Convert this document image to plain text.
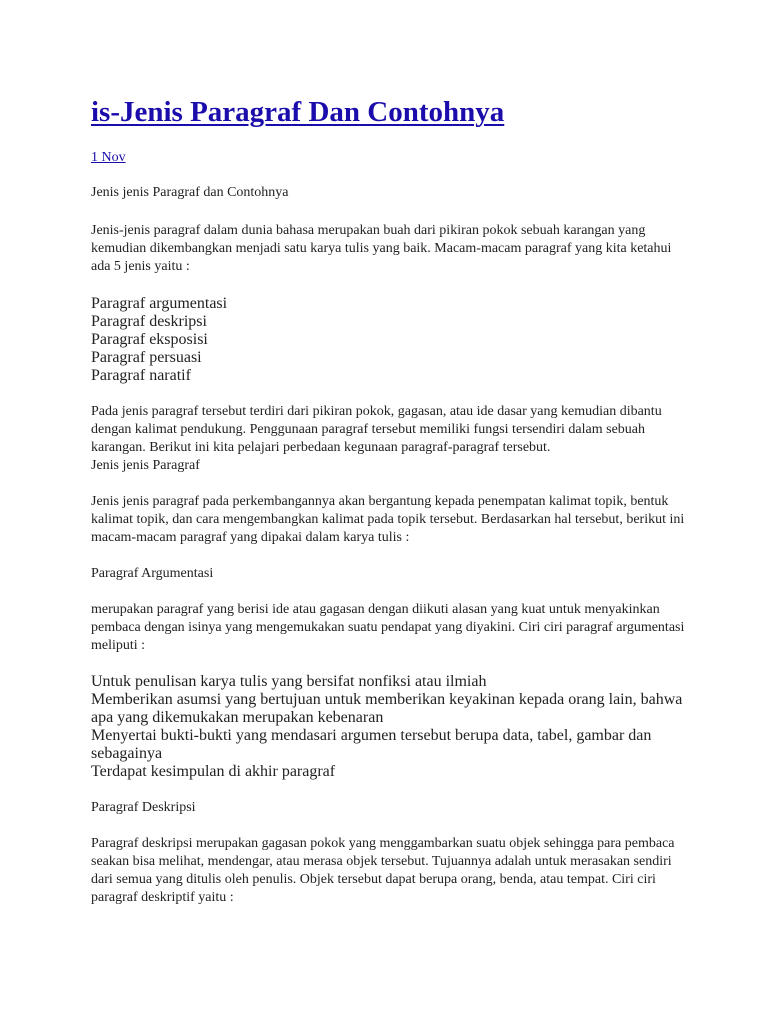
is-Jenis Paragraf Dan Contohnya
1 Nov

Jenis jenis Paragraf dan Contohnya

Jenis-jenis paragraf dalam dunia bahasa merupakan buah dari pikiran pokok sebuah karangan yang kemudian dikembangkan menjadi satu karya tulis yang baik. Macam-macam paragraf yang kita ketahui ada 5 jenis yaitu :

Paragraf argumentasi
Paragraf deskripsi
Paragraf eksposisi
Paragraf persuasi
Paragraf naratif

Pada jenis paragraf tersebut terdiri dari pikiran pokok, gagasan, atau ide dasar yang kemudian dibantu dengan kalimat pendukung. Penggunaan paragraf tersebut memiliki fungsi tersendiri dalam sebuah karangan. Berikut ini kita pelajari perbedaan kegunaan paragraf-paragraf tersebut.

Jenis jenis Paragraf

Jenis jenis paragraf pada perkembangannya akan bergantung kepada penempatan kalimat topik, bentuk kalimat topik, dan cara mengembangkan kalimat pada topik tersebut. Berdasarkan hal tersebut, berikut ini macam-macam paragraf yang dipakai dalam karya tulis :

Paragraf Argumentasi

merupakan paragraf yang berisi ide atau gagasan dengan diikuti alasan yang kuat untuk menyakinkan pembaca dengan isinya yang mengemukakan suatu pendapat yang diyakini. Ciri ciri paragraf argumentasi meliputi :

Untuk penulisan karya tulis yang bersifat nonfiksi atau ilmiah
Memberikan asumsi yang bertujuan untuk memberikan keyakinan kepada orang lain, bahwa apa yang dikemukakan merupakan kebenaran
Menyertai bukti-bukti yang mendasari argumen tersebut berupa data, tabel, gambar dan sebagainya
Terdapat kesimpulan di akhir paragraf

Paragraf Deskripsi

Paragraf deskripsi merupakan gagasan pokok yang menggambarkan suatu objek sehingga para pembaca seakan bisa melihat, mendengar, atau merasa objek tersebut. Tujuannya adalah untuk merasakan sendiri dari semua yang ditulis oleh penulis. Objek tersebut dapat berupa orang, benda, atau tempat. Ciri ciri paragraf deskriptif yaitu :
